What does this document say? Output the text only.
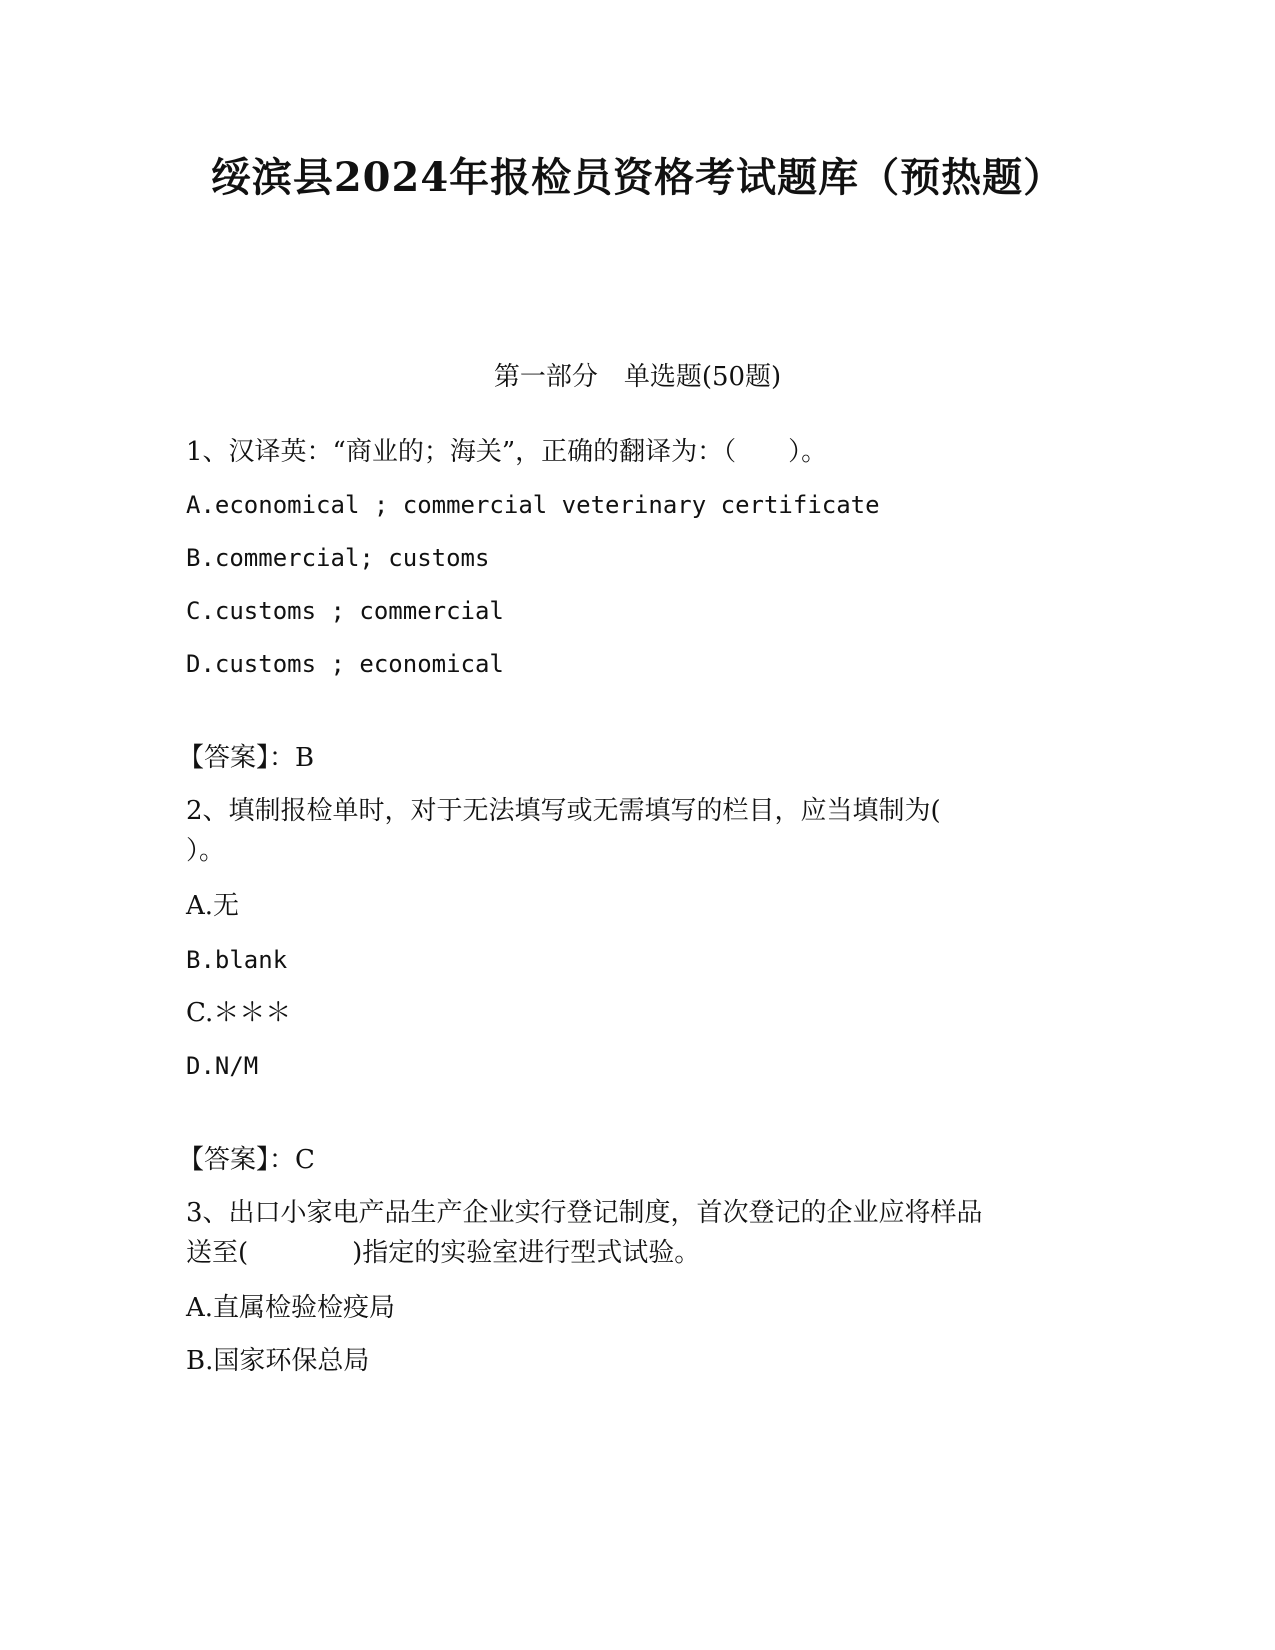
绥滨县2024年报检员资格考试题库（预热题）
第一部分　单选题(50题)
1、汉译英：“商业的；海关”，正确的翻译为：（　　）。
A.economical ; commercial veterinary certificate
B.commercial; customs
C.customs ; commercial
D.customs ; economical
【答案】：B
2、填制报检单时，对于无法填写或无需填写的栏目，应当填制为(
）。
A.无
B.blank
C.＊＊＊
D.N/M
【答案】：C
3、出口小家电产品生产企业实行登记制度，首次登记的企业应将样品
送至(　　　　)指定的实验室进行型式试验。
A.直属检验检疫局
B.国家环保总局
